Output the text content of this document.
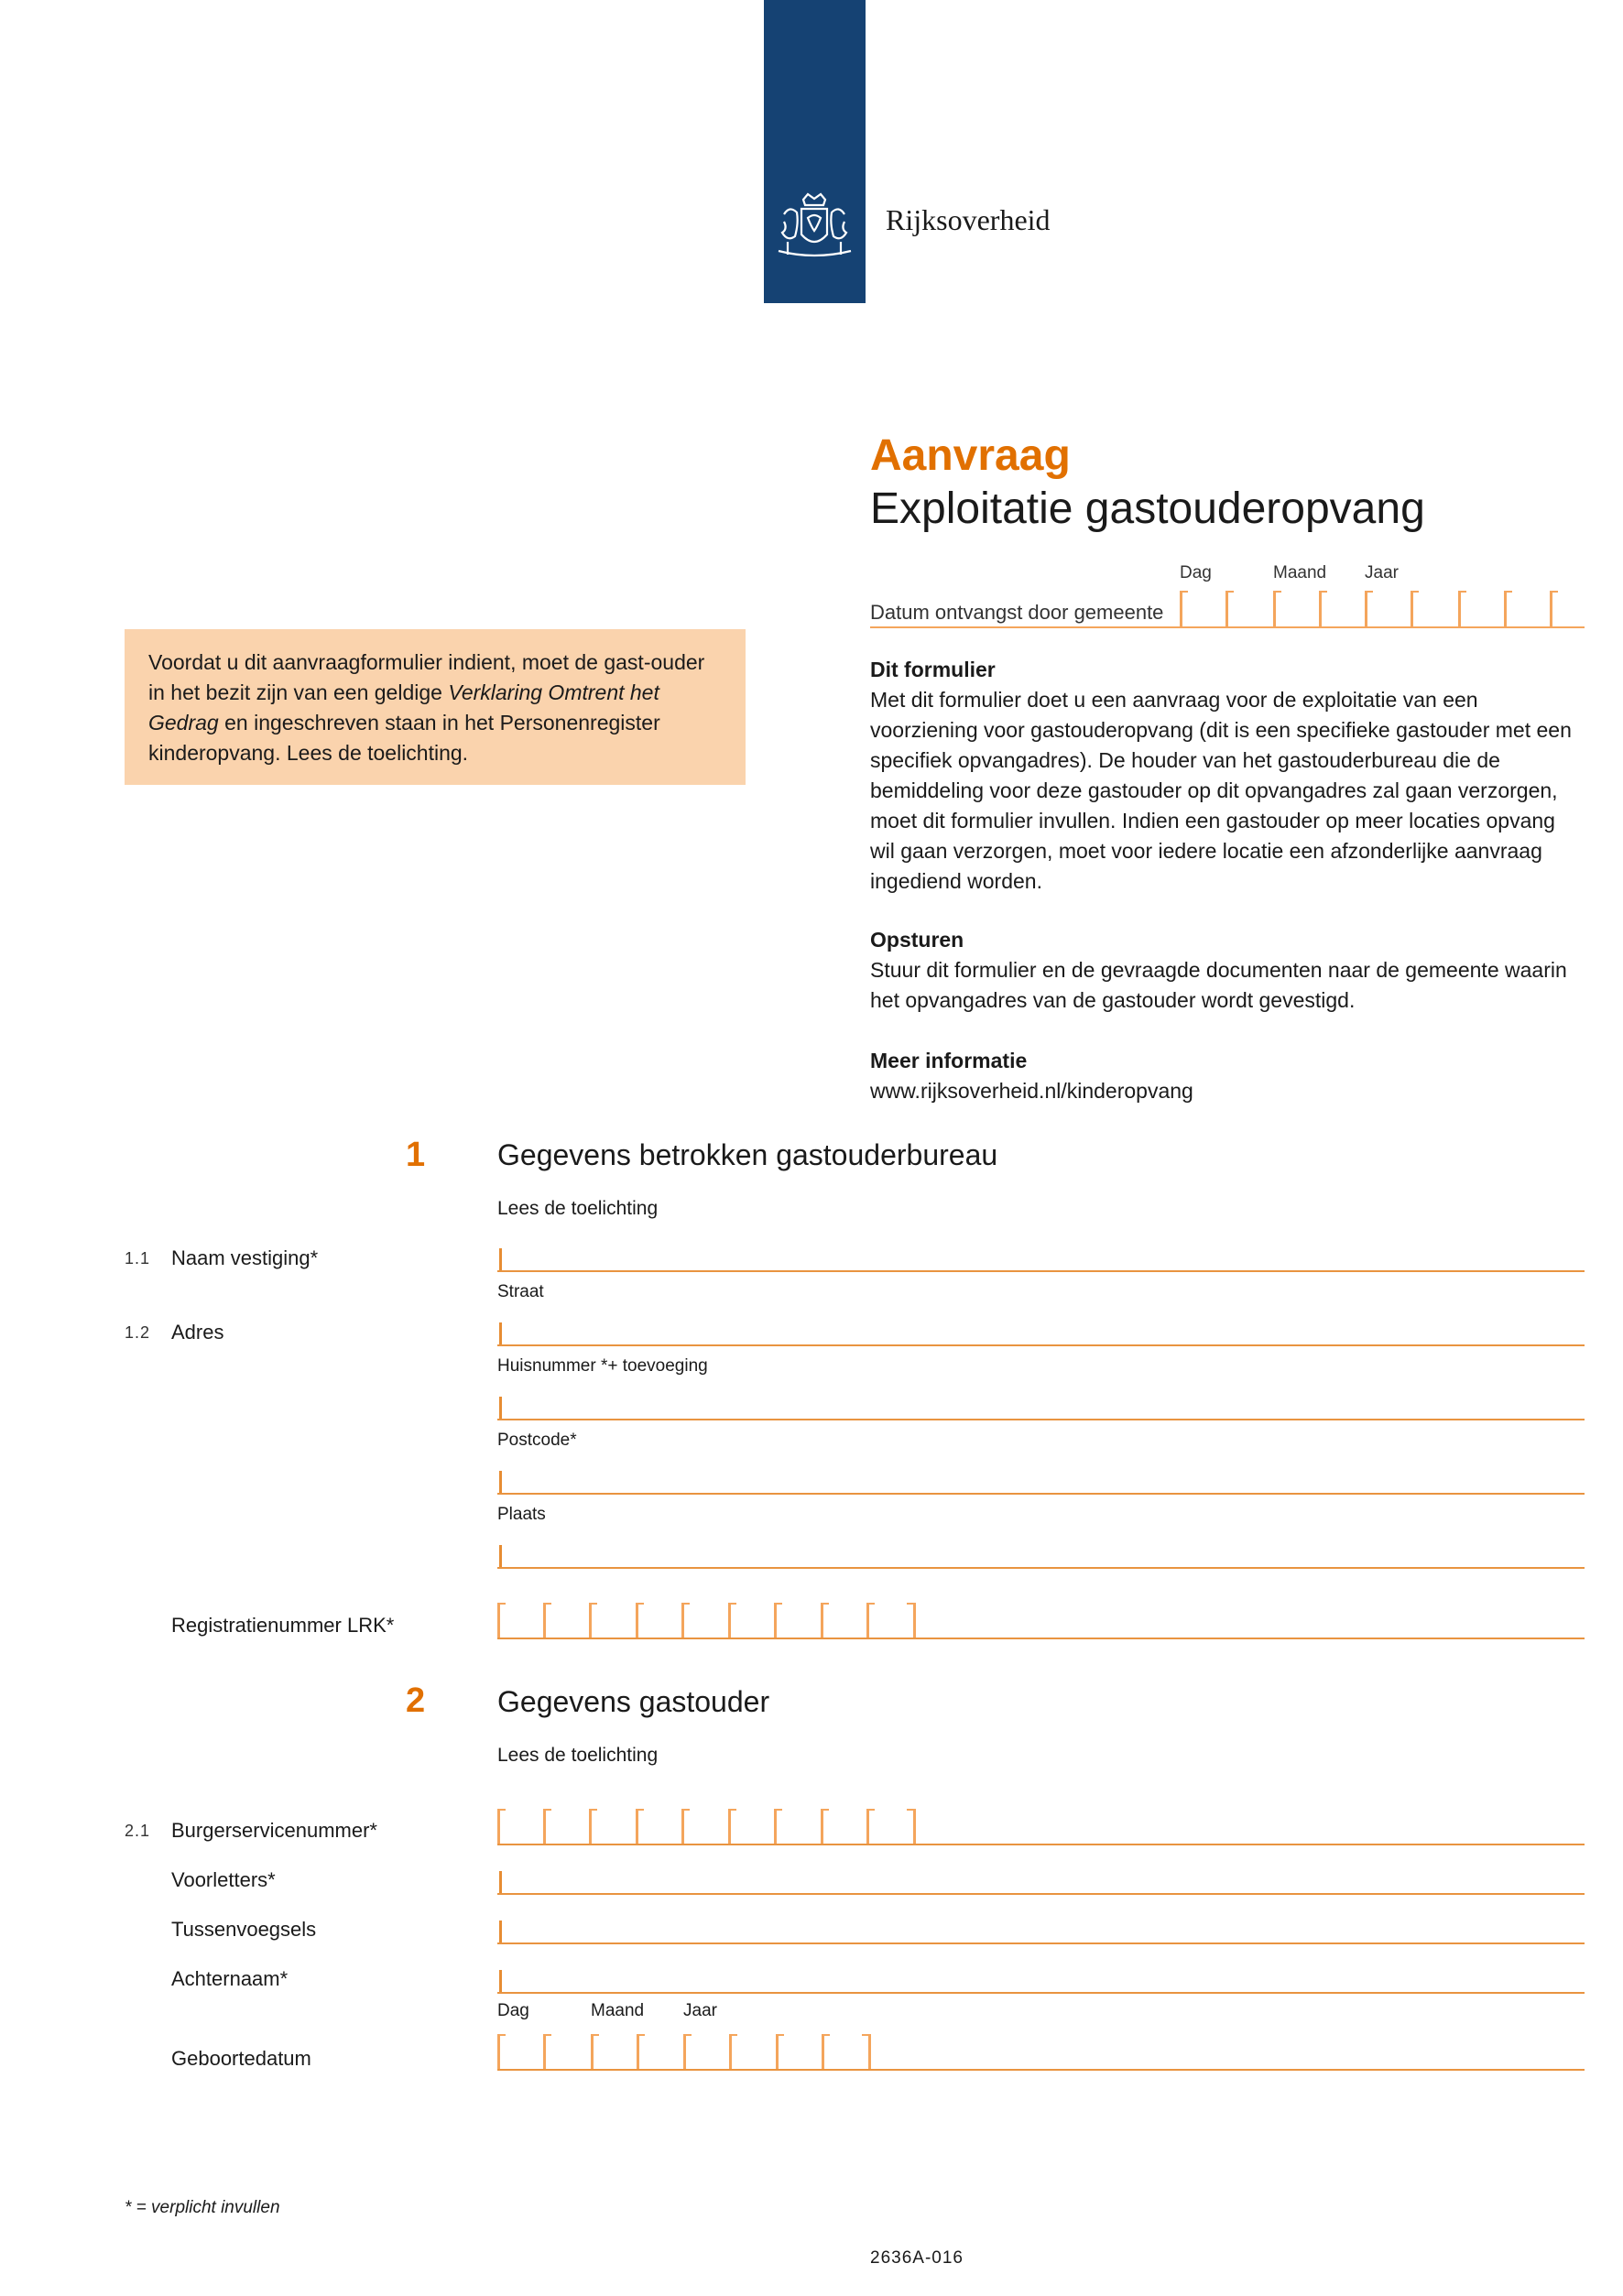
Rijksoverheid
Aanvraag
Exploitatie gastouderopvang
Dag	Maand Jaar
Datum ontvangst door gemeente
Voordat u dit aanvraagformulier indient, moet de gast-ouder in het bezit zijn van een geldige Verklaring Omtrent het Gedrag en ingeschreven staan in het Personenregister kinderopvang. Lees de toelichting.
Dit formulier
Met dit formulier doet u een aanvraag voor de exploitatie van een voorziening voor gastouderopvang (dit is een specifieke gastouder met een specifiek opvangadres). De houder van het gastouderbureau die de bemiddeling voor deze gastouder op dit opvangadres zal gaan verzorgen, moet dit formulier invullen. Indien een gastouder op meer locaties opvang wil gaan verzorgen, moet voor iedere locatie een afzonderlijke aanvraag ingediend worden.
Opsturen
Stuur dit formulier en de gevraagde documenten naar de gemeente waarin het opvangadres van de gastouder wordt gevestigd.
Meer informatie
www.rijksoverheid.nl/kinderopvang
1 Gegevens betrokken gastouderbureau
Lees de toelichting
1.1 Naam vestiging*
Straat
1.2 Adres
Huisnummer *+ toevoeging
Postcode*
Plaats
Registratienummer LRK*
2 Gegevens gastouder
Lees de toelichting
2.1 Burgerservicenummer*
Voorletters*
Tussenvoegsels
Achternaam*
Dag	Maand Jaar
Geboortedatum
* = verplicht invullen
2636A-016
